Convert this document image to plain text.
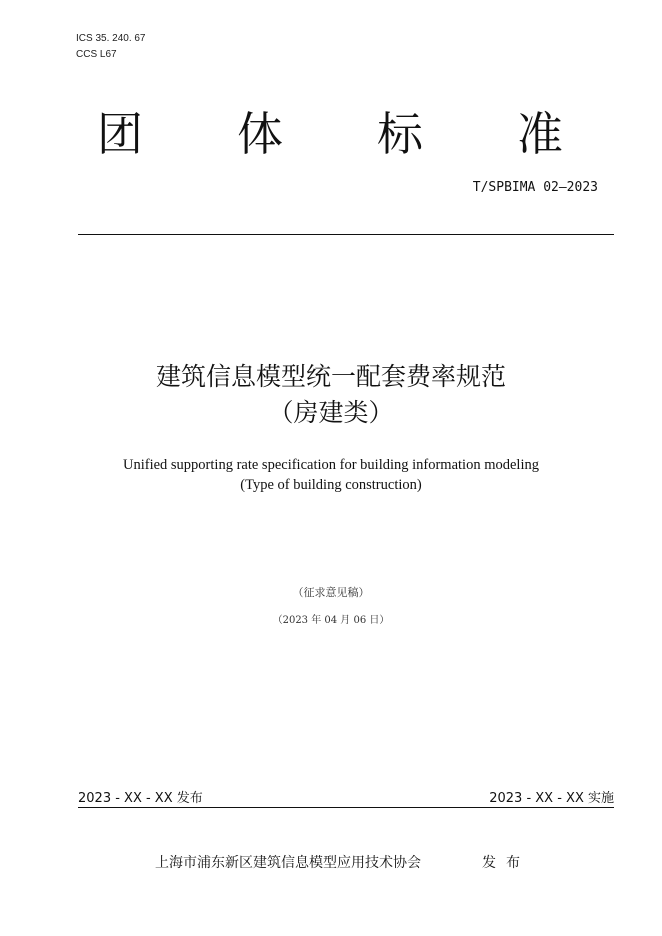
ICS 35. 240. 67
CCS L67
团 体 标 准
T/SPBIMA 02—2023
建筑信息模型统一配套费率规范
（房建类）
Unified supporting rate specification for building information modeling
(Type of building construction)
（征求意见稿）
（2023 年 04 月 06 日）
2023 - XX - XX 发布	2023 - XX - XX 实施
上海市浦东新区建筑信息模型应用技术协会	发布
